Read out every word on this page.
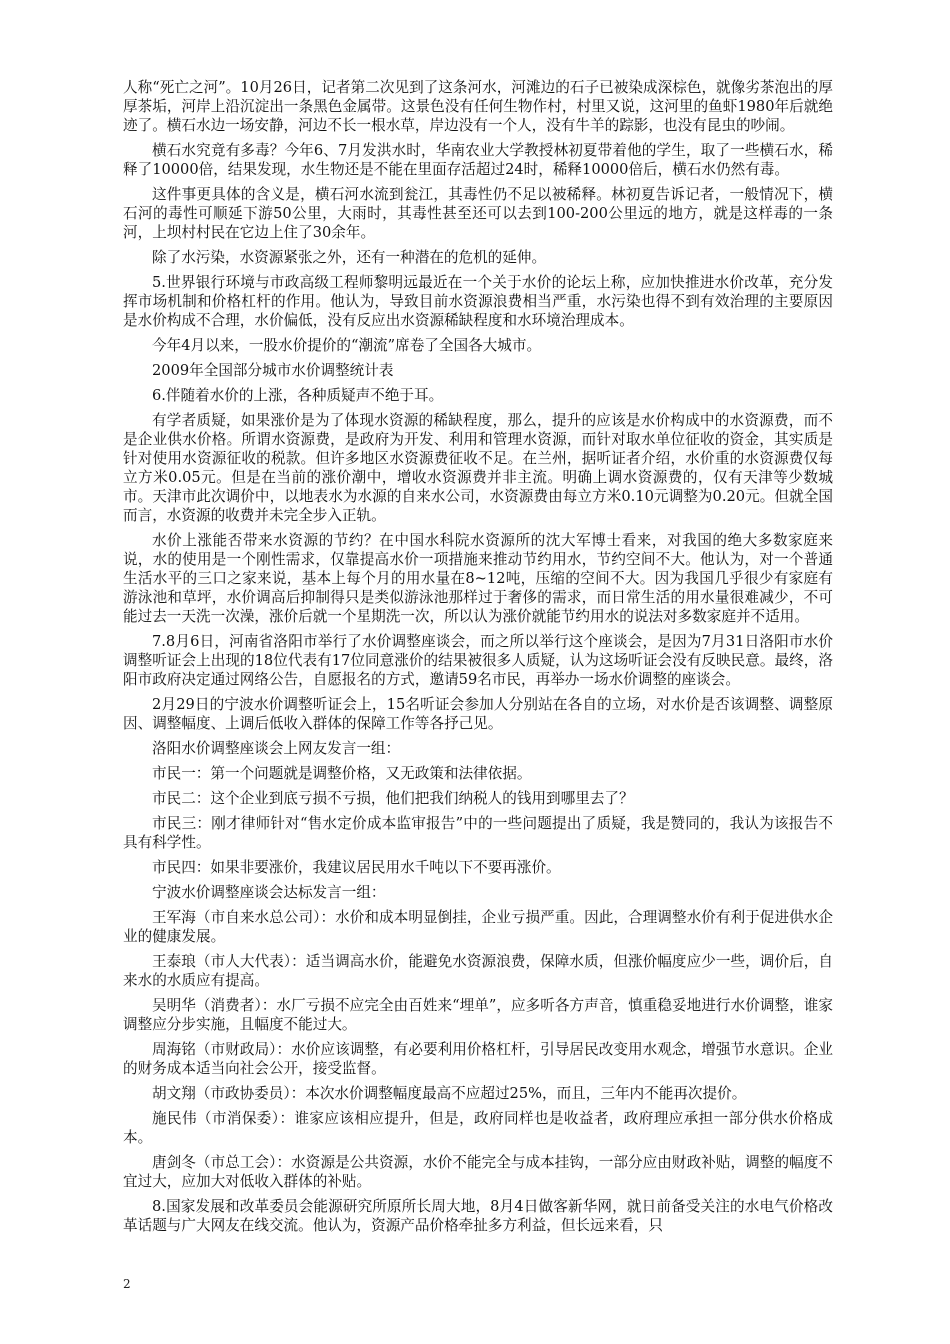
人称“死亡之河”。10月26日，记者第二次见到了这条河水，河滩边的石子已被染成深棕色，就像劣茶泡出的厚厚茶垢，河岸上沿沉淀出一条黑色金属带。这景色没有任何生物作村，村里又说，这河里的鱼虾1980年后就绝迹了。横石水边一场安静，河边不长一根水草，岸边没有一个人，没有牛羊的踪影，也没有昆虫的吵闹。

横石水究竟有多毒？今年6、7月发洪水时，华南农业大学教授林初夏带着他的学生，取了一些横石水，稀释了10000倍，结果发现，水生物还是不能在里面存活超过24时，稀释10000倍后，横石水仍然有毒。

这件事更具体的含义是，横石河水流到瓮江，其毒性仍不足以被稀释。林初夏告诉记者，一般情况下，横石河的毒性可顺延下游50公里，大雨时，其毒性甚至还可以去到100-200公里远的地方，就是这样毒的一条河，上坝村村民在它边上住了30余年。

除了水污染，水资源紧张之外，还有一种潜在的危机的延伸。

5.世界银行环境与市政高级工程师黎明远最近在一个关于水价的论坛上称，应加快推进水价改革，充分发挥市场机制和价格杠杆的作用。他认为，导致目前水资源浪费相当严重，水污染也得不到有效治理的主要原因是水价构成不合理，水价偏低，没有反应出水资源稀缺程度和水环境治理成本。

今年4月以来，一股水价提价的“潮流”席卷了全国各大城市。

2009年全国部分城市水价调整统计表

6.伴随着水价的上涨，各种质疑声不绝于耳。

有学者质疑，如果涨价是为了体现水资源的稀缺程度，那么，提升的应该是水价构成中的水资源费，而不是企业供水价格。所谓水资源费，是政府为开发、利用和管理水资源，而针对取水单位征收的资金，其实质是针对使用水资源征收的税款。但许多地区水资源费征收不足。在兰州，据听证者介绍，水价重的水资源费仅每立方米0.05元。但是在当前的涨价潮中，增收水资源费并非主流。明确上调水资源费的，仅有天津等少数城市。天津市此次调价中，以地表水为水源的自来水公司，水资源费由每立方米0.10元调整为0.20元。但就全国而言，水资源的收费并未完全步入正轨。

水价上涨能否带来水资源的节约？在中国水科院水资源所的沈大军博士看来，对我国的绝大多数家庭来说，水的使用是一个刚性需求，仅靠提高水价一项措施来推动节约用水，节约空间不大。他认为，对一个普通生活水平的三口之家来说，基本上每个月的用水量在8~12吨，压缩的空间不大。因为我国几乎很少有家庭有游泳池和草坪，水价调高后抑制得只是类似游泳池那样过于奢侈的需求，而日常生活的用水量很难减少，不可能过去一天洗一次澡，涨价后就一个星期洗一次，所以认为涨价就能节约用水的说法对多数家庭并不适用。

7.8月6日，河南省洛阳市举行了水价调整座谈会，而之所以举行这个座谈会，是因为7月31日洛阳市水价调整听证会上出现的18位代表有17位同意涨价的结果被很多人质疑，认为这场听证会没有反映民意。最终，洛阳市政府决定通过网络公告，自愿报名的方式，邀请59名市民，再举办一场水价调整的座谈会。

2月29日的宁波水价调整听证会上，15名听证会参加人分别站在各自的立场，对水价是否该调整、调整原因、调整幅度、上调后低收入群体的保障工作等各抒己见。

洛阳水价调整座谈会上网友发言一组：

市民一：第一个问题就是调整价格，又无政策和法律依据。

市民二：这个企业到底亏损不亏损，他们把我们纳税人的钱用到哪里去了？

市民三：刚才律师针对“售水定价成本监审报告”中的一些问题提出了质疑，我是赞同的，我认为该报告不具有科学性。

市民四：如果非要涨价，我建议居民用水千吨以下不要再涨价。

宁波水价调整座谈会达标发言一组：

王军海（市自来水总公司）：水价和成本明显倒挂，企业亏损严重。因此，合理调整水价有利于促进供水企业的健康发展。

王泰琅（市人大代表）：适当调高水价，能避免水资源浪费，保障水质，但涨价幅度应少一些，调价后，自来水的水质应有提高。

吴明华（消费者）：水厂亏损不应完全由百姓来“埋单”，应多听各方声音，慎重稳妥地进行水价调整，谁家调整应分步实施，且幅度不能过大。

周海铭（市财政局）：水价应该调整，有必要利用价格杠杆，引导居民改变用水观念，增强节水意识。企业的财务成本适当向社会公开，接受监督。

胡文翔（市政协委员）：本次水价调整幅度最高不应超过25%，而且，三年内不能再次提价。

施民伟（市消保委）：谁家应该相应提升，但是，政府同样也是收益者，政府理应承担一部分供水价格成本。

唐剑冬（市总工会）：水资源是公共资源，水价不能完全与成本挂钩，一部分应由财政补贴，调整的幅度不宜过大，应加大对低收入群体的补贴。

8.国家发展和改革委员会能源研究所原所长周大地，8月4日做客新华网，就日前备受关注的水电气价格改革话题与广大网友在线交流。他认为，资源产品价格牵扯多方利益，但长远来看，只

2
